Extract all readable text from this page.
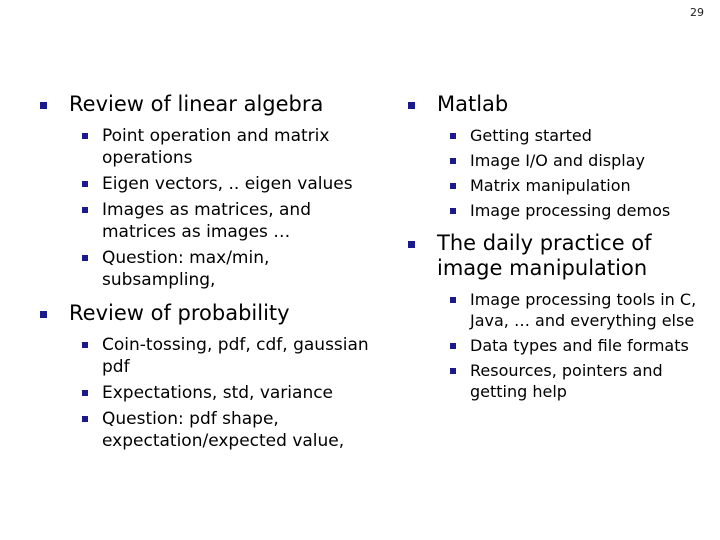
29
Review of linear algebra
Point operation and matrix operations
Eigen vectors, .. eigen values
Images as matrices, and matrices as images …
Question: max/min, subsampling,
Review of probability
Coin-tossing, pdf, cdf, gaussian pdf
Expectations, std, variance
Question: pdf shape, expectation/expected value,
Matlab
Getting started
Image I/O and display
Matrix manipulation
Image processing demos
The daily practice of image manipulation
Image processing tools in C, Java, … and everything else
Data types and file formats
Resources, pointers and getting help
